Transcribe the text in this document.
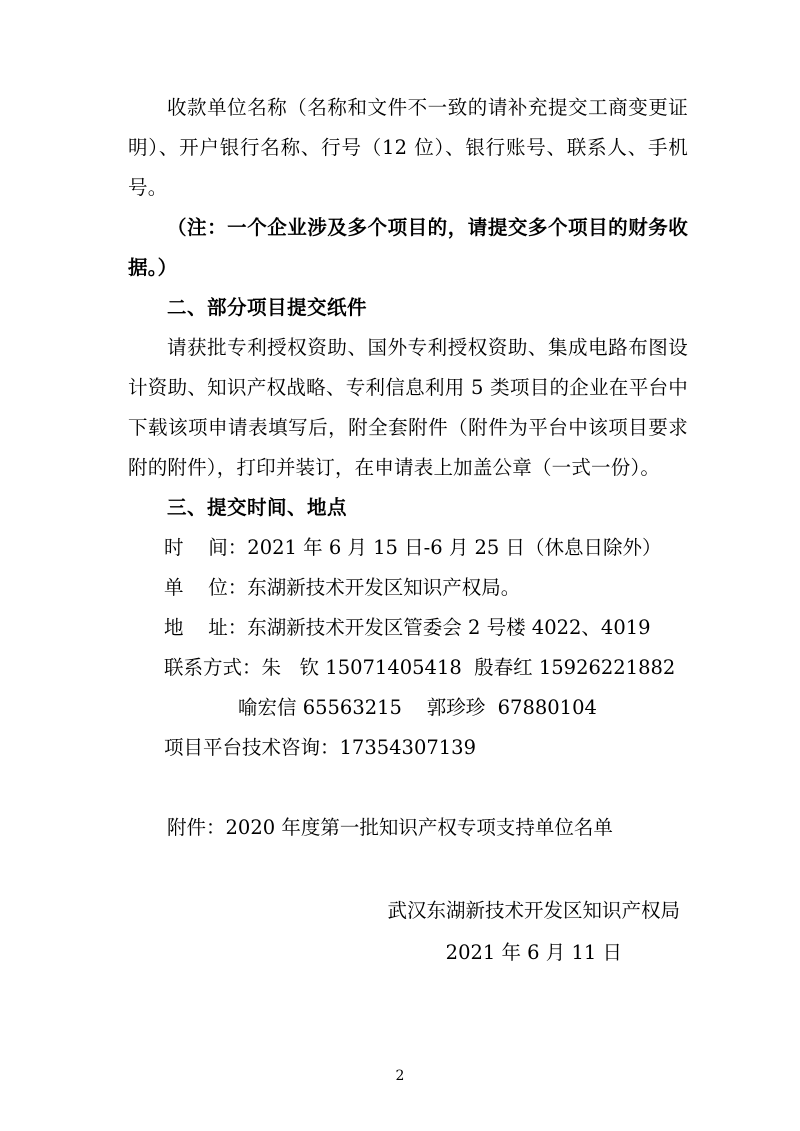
收款单位名称（名称和文件不一致的请补充提交工商变更证明）、开户银行名称、行号（12 位）、银行账号、联系人、手机号。

（注：一个企业涉及多个项目的，请提交多个项目的财务收据。）

二、部分项目提交纸件

请获批专利授权资助、国外专利授权资助、集成电路布图设计资助、知识产权战略、专利信息利用 5 类项目的企业在平台中下载该项申请表填写后，附全套附件（附件为平台中该项目要求附的附件），打印并装订，在申请表上加盖公章（一式一份）。

三、提交时间、地点

时    间：2021 年 6 月 15 日-6 月 25 日（休息日除外）

单    位：东湖新技术开发区知识产权局。

地    址：东湖新技术开发区管委会 2 号楼 4022、4019

联系方式：朱   钦 15071405418  殷春红 15926221882

喻宏信 65563215    郭珍珍  67880104

项目平台技术咨询：17354307139

附件：2020 年度第一批知识产权专项支持单位名单

武汉东湖新技术开发区知识产权局

2021 年 6 月 11 日

2
